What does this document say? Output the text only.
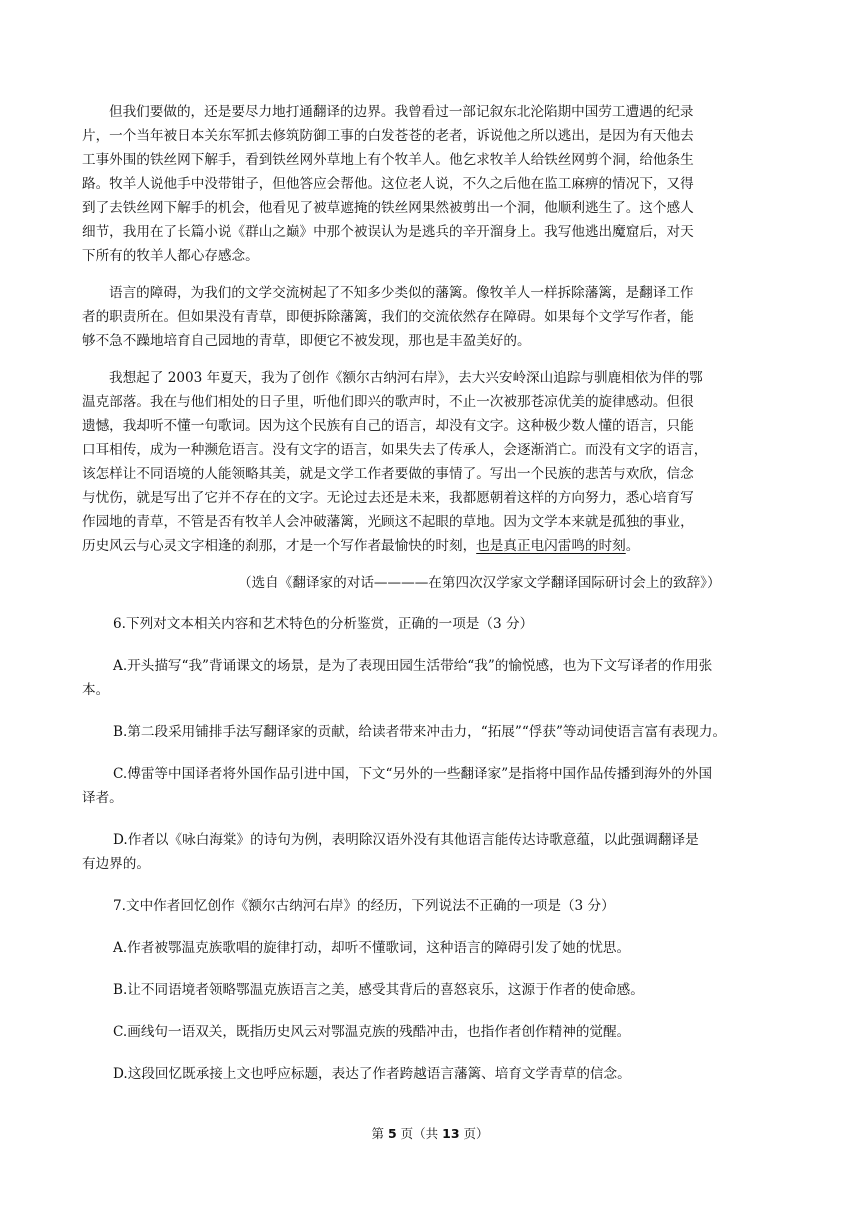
但我们要做的，还是要尽力地打通翻译的边界。我曾看过一部记叙东北沦陷期中国劳工遭遇的纪录
片，一个当年被日本关东军抓去修筑防御工事的白发苍苍的老者，诉说他之所以逃出，是因为有天他去
工事外围的铁丝网下解手，看到铁丝网外草地上有个牧羊人。他乞求牧羊人给铁丝网剪个洞，给他条生
路。牧羊人说他手中没带钳子，但他答应会帮他。这位老人说，不久之后他在监工麻痹的情况下，又得
到了去铁丝网下解手的机会，他看见了被草遮掩的铁丝网果然被剪出一个洞，他顺利逃生了。这个感人
细节，我用在了长篇小说《群山之巅》中那个被误认为是逃兵的辛开溜身上。我写他逃出魔窟后，对天
下所有的牧羊人都心存感念。
语言的障碍，为我们的文学交流树起了不知多少类似的藩篱。像牧羊人一样拆除藩篱，是翻译工作
者的职责所在。但如果没有青草，即便拆除藩篱，我们的交流依然存在障碍。如果每个文学写作者，能
够不急不躁地培育自己园地的青草，即便它不被发现，那也是丰盈美好的。
我想起了 2003 年夏天，我为了创作《额尔古纳河右岸》，去大兴安岭深山追踪与驯鹿相依为伴的鄂
温克部落。我在与他们相处的日子里，听他们即兴的歌声时，不止一次被那苍凉优美的旋律感动。但很
遗憾，我却听不懂一句歌词。因为这个民族有自己的语言，却没有文字。这种极少数人懂的语言，只能
口耳相传，成为一种濒危语言。没有文字的语言，如果失去了传承人，会逐渐消亡。而没有文字的语言，
该怎样让不同语境的人能领略其美，就是文学工作者要做的事情了。写出一个民族的悲苦与欢欣，信念
与忧伤，就是写出了它并不存在的文字。无论过去还是未来，我都愿朝着这样的方向努力，悉心培育写
作园地的青草，不管是否有牧羊人会冲破藩篱，光顾这不起眼的草地。因为文学本来就是孤独的事业，
历史风云与心灵文字相逢的刹那，才是一个写作者最愉快的时刻，也是真正电闪雷鸣的时刻。
（选自《翻译家的对话————在第四次汉学家文学翻译国际研讨会上的致辞》）
6.下列对文本相关内容和艺术特色的分析鉴赏，正确的一项是（3 分）
A.开头描写“我”背诵课文的场景，是为了表现田园生活带给“我”的愉悦感，也为下文写译者的作用张
本。
B.第二段采用铺排手法写翻译家的贡献，给读者带来冲击力，“拓展”“俘获”等动词使语言富有表现力。
C.傅雷等中国译者将外国作品引进中国，下文“另外的一些翻译家”是指将中国作品传播到海外的外国
译者。
D.作者以《咏白海棠》的诗句为例，表明除汉语外没有其他语言能传达诗歌意蕴，以此强调翻译是
有边界的。
7.文中作者回忆创作《额尔古纳河右岸》的经历，下列说法不正确的一项是（3 分）
A.作者被鄂温克族歌唱的旋律打动，却听不懂歌词，这种语言的障碍引发了她的忧思。
B.让不同语境者领略鄂温克族语言之美，感受其背后的喜怒哀乐，这源于作者的使命感。
C.画线句一语双关，既指历史风云对鄂温克族的残酷冲击，也指作者创作精神的觉醒。
D.这段回忆既承接上文也呼应标题，表达了作者跨越语言藩篱、培育文学青草的信念。
第 5 页（共 13 页）
